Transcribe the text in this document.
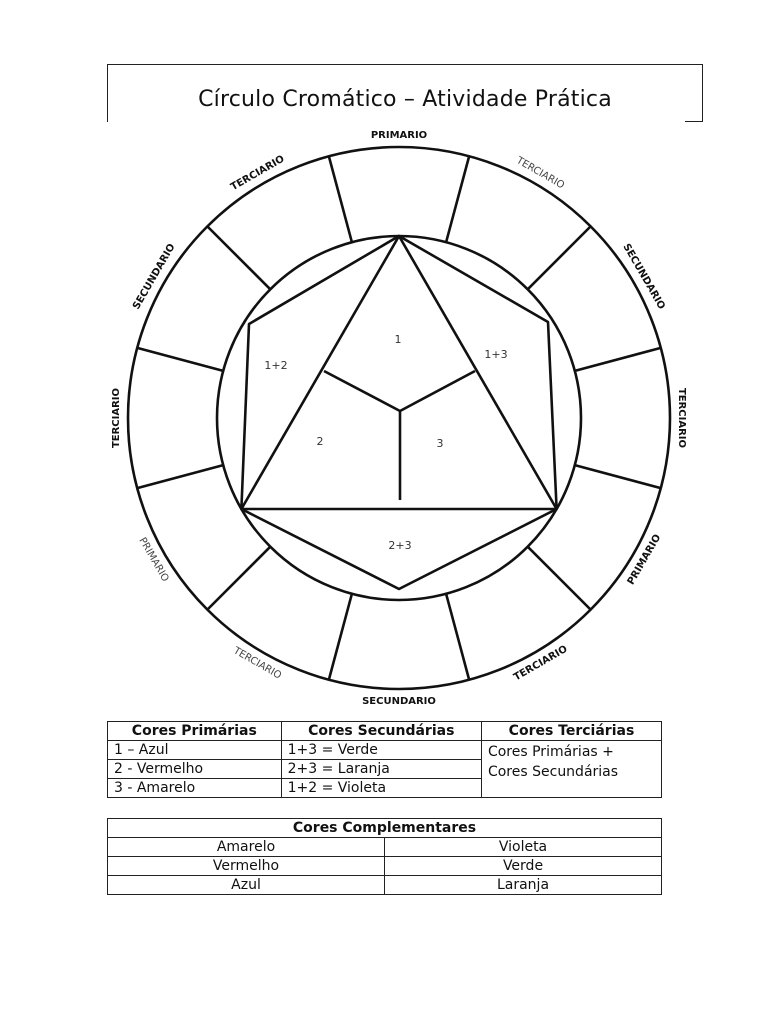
Círculo Cromático – Atividade Prática
PRIMARIO
TERCIARIO
SECUNDARIO
TERCIARIO
PRIMARIO
TERCIARIO
SECUNDARIO
TERCIARIO
PRIMARIO
TERCIARIO
SECUNDARIO
TERCIARIO
1
2	3
1+2
1+3
2+3
Cores Primárias	Cores Secundárias	Cores Terciárias
1 – Azul	1+3 = Verde	Cores Primárias +
Cores Secundárias

2 - Vermelho	2+3 = Laranja	
3 - Amarelo	1+2 = Violeta	
Cores Complementares	
Amarelo	Violeta
Vermelho	Verde
Azul	Laranja
